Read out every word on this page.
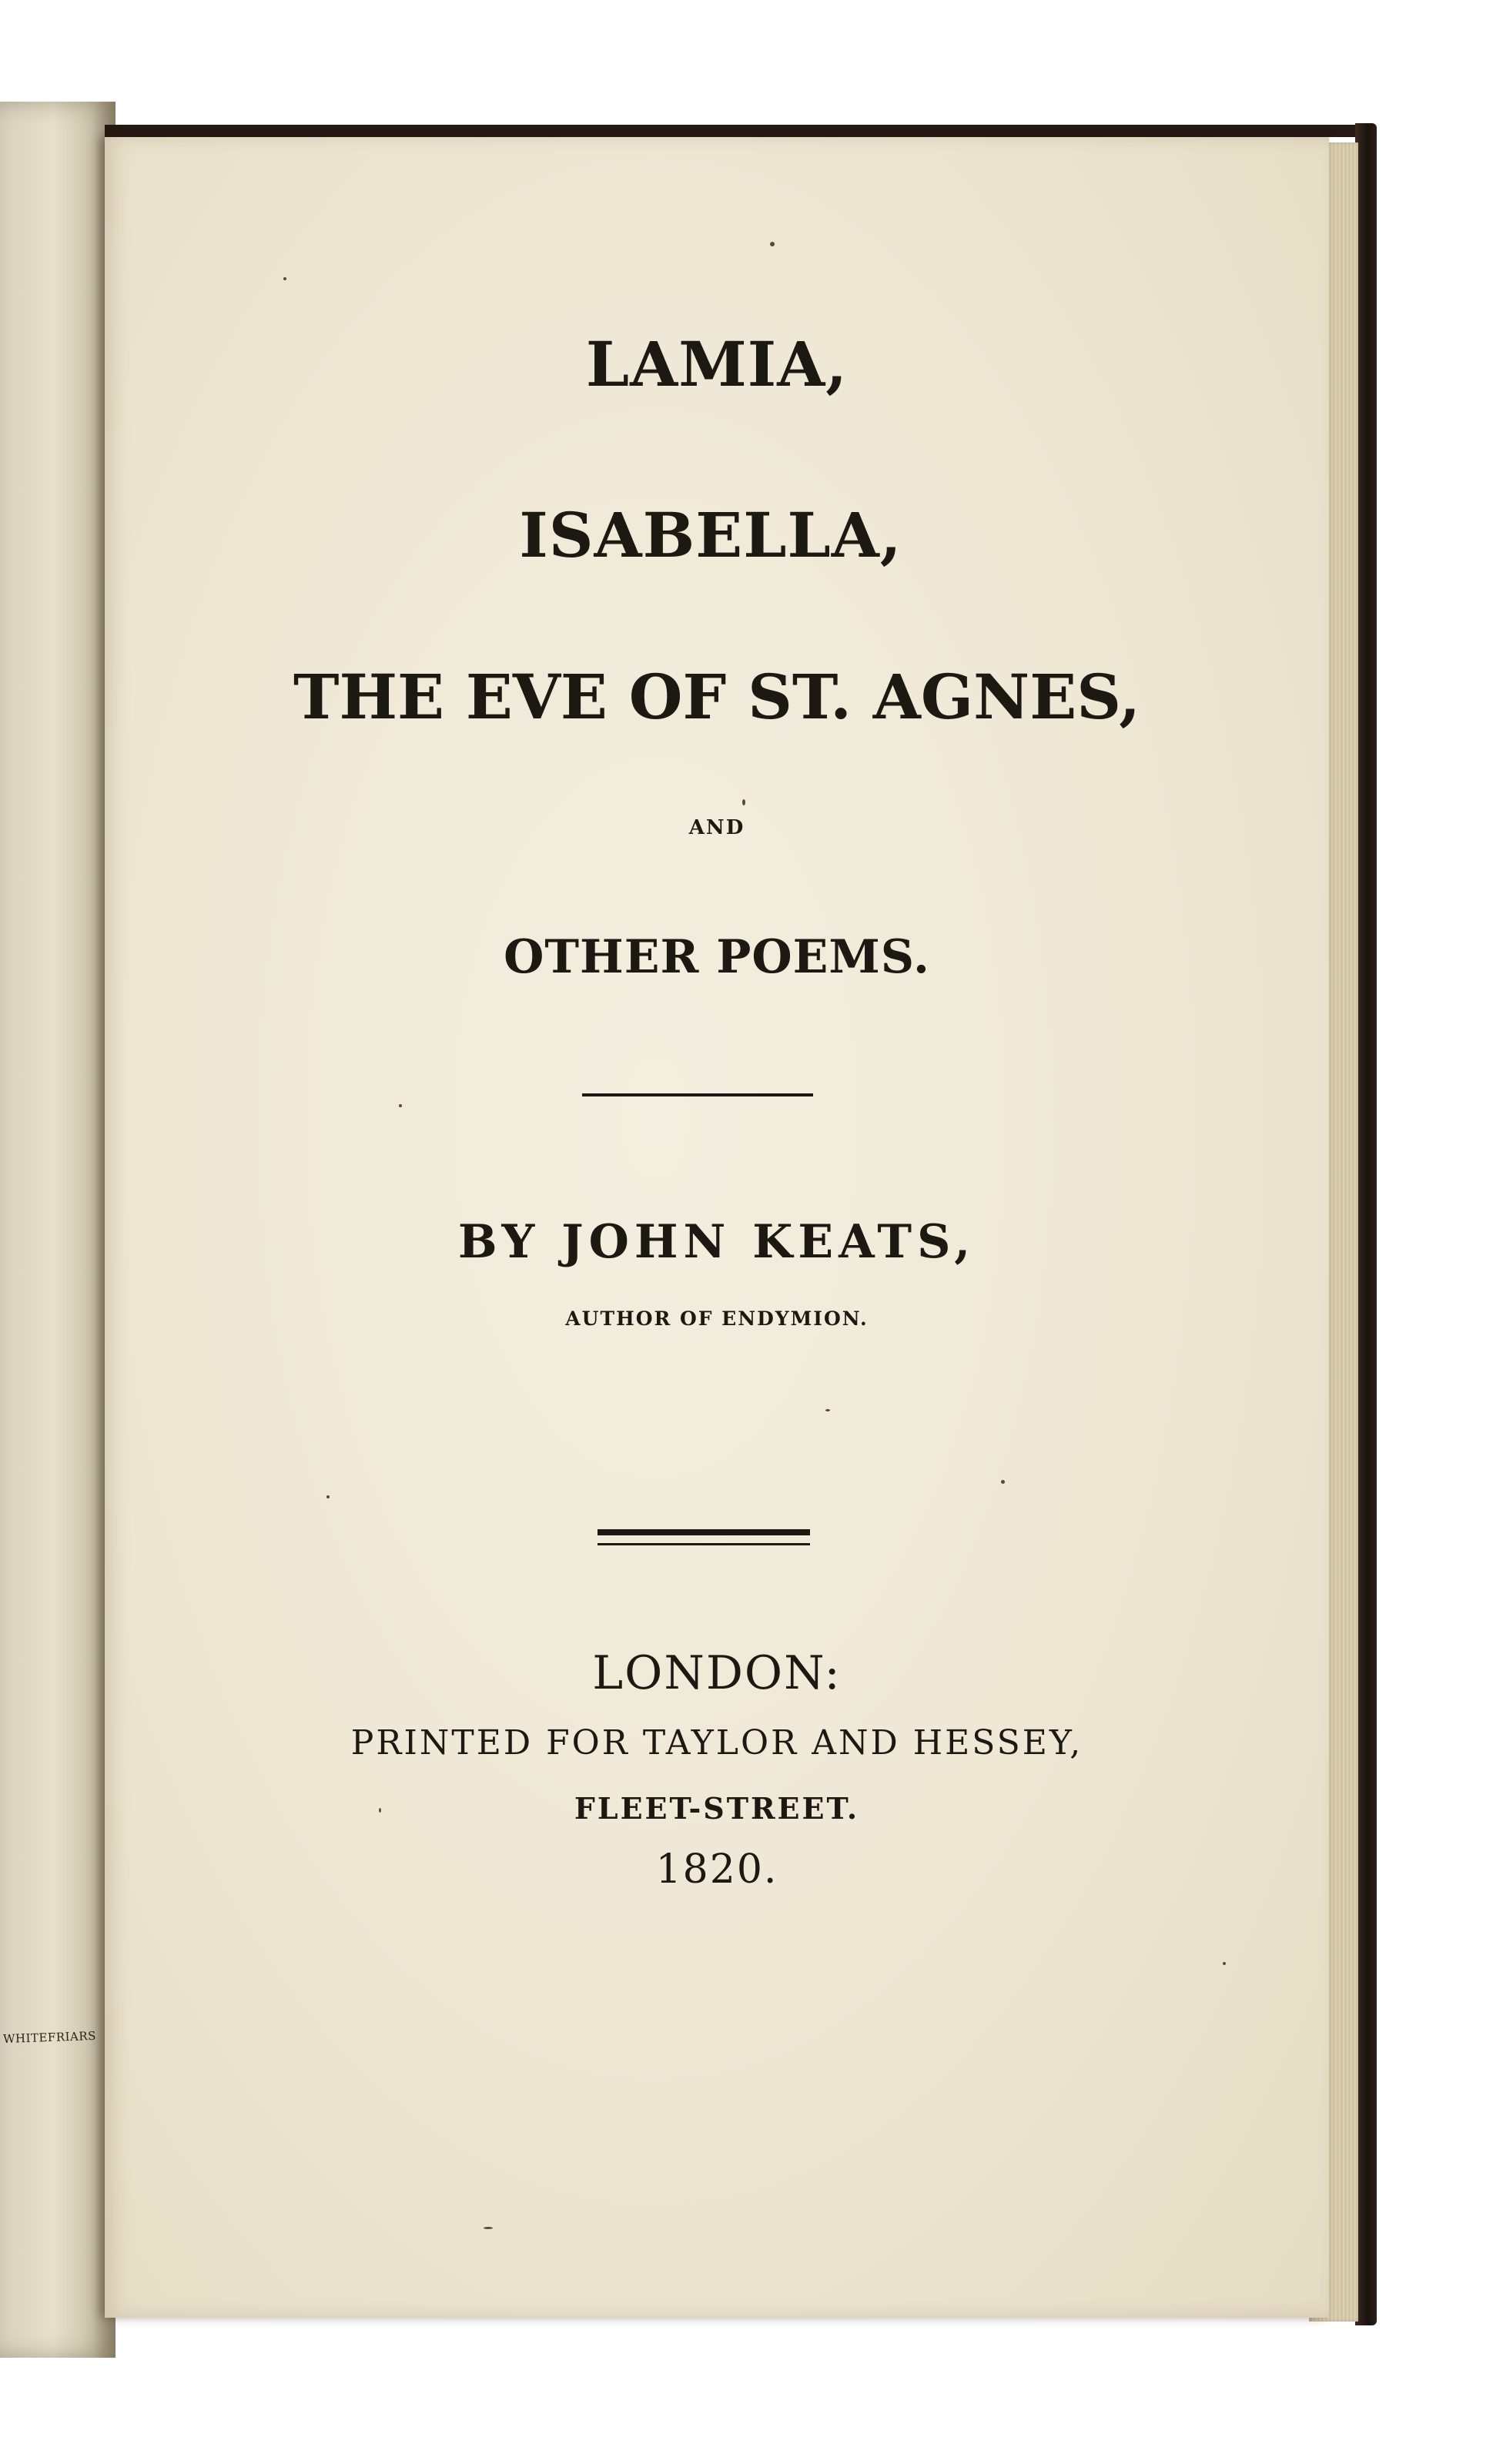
WHITEFRIARS
LAMIA,
ISABELLA,
THE EVE OF ST. AGNES,
AND
OTHER POEMS.
BY JOHN KEATS,
AUTHOR OF ENDYMION.
LONDON:
PRINTED FOR TAYLOR AND HESSEY,
FLEET-STREET.
1820.
